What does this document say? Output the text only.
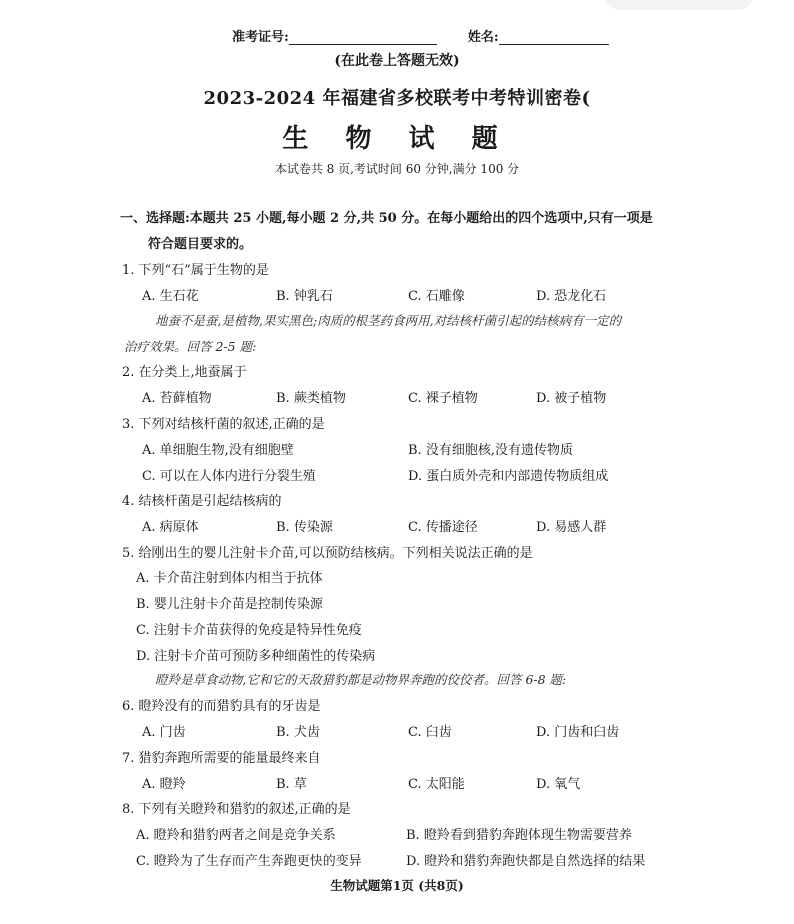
准考证号:	姓名:
(在此卷上答题无效)
2023-2024 年福建省多校联考中考特训密卷(
生 物 试 题
本试卷共 8 页,考试时间 60 分钟,满分 100 分
一、选择题:本题共 25 小题,每小题 2 分,共 50 分。在每小题给出的四个选项中,只有一项是
符合题目要求的。
1. 下列“石”属于生物的是
A. 生石花	B. 钟乳石	C. 石雕像	D. 恐龙化石
地蚕不是蚕,是植物,果实黑色;肉质的根茎药食两用,对结核杆菌引起的结核病有一定的
治疗效果。回答 2-5 题:
2. 在分类上,地蚕属于
A. 苔藓植物	B. 蕨类植物	C. 裸子植物	D. 被子植物
3. 下列对结核杆菌的叙述,正确的是
A. 单细胞生物,没有细胞壁	B. 没有细胞核,没有遗传物质
C. 可以在人体内进行分裂生殖	D. 蛋白质外壳和内部遗传物质组成
4. 结核杆菌是引起结核病的
A. 病原体	B. 传染源	C. 传播途径	D. 易感人群
5. 给刚出生的婴儿注射卡介苗,可以预防结核病。下列相关说法正确的是
A. 卡介苗注射到体内相当于抗体
B. 婴儿注射卡介苗是控制传染源
C. 注射卡介苗获得的免疫是特异性免疫
D. 注射卡介苗可预防多种细菌性的传染病
瞪羚是草食动物,它和它的天敌猎豹都是动物界奔跑的佼佼者。回答 6-8 题:
6. 瞪羚没有的而猎豹具有的牙齿是
A. 门齿	B. 犬齿	C. 臼齿	D. 门齿和臼齿
7. 猎豹奔跑所需要的能量最终来自
A. 瞪羚	B. 草	C. 太阳能	D. 氧气
8. 下列有关瞪羚和猎豹的叙述,正确的是
A. 瞪羚和猎豹两者之间是竞争关系	B. 瞪羚看到猎豹奔跑体现生物需要营养
C. 瞪羚为了生存而产生奔跑更快的变异	D. 瞪羚和猎豹奔跑快都是自然选择的结果
生物试题第1页 (共8页)
